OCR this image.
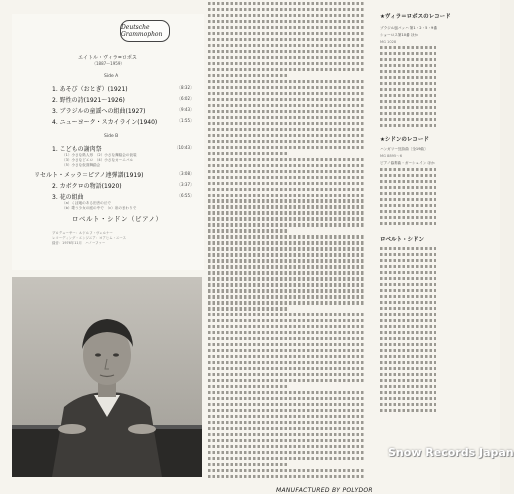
Deutsche Grammophon
エイトル・ヴィラ=ロボス
（1887〜1959）
Side A
1. あそび（おとぎ）(1921)	〔8:32〕
2. 野性の詩(1921〜1926)	〔6:02〕
3. ブラジルの童謡への組曲(1927)	〔9:43〕
4. ニューヨーク・スカイライン(1940)	〔1:55〕
Side B
1. こどもの謝肉祭	〔10:43〕
（1）小さな紙人形　（2）小さな舞踏会の仮装
（3）小さなピエロ　（4）小さなカーニバル
（5）小さな仮面舞踏会
リセルト・メッラ＝ピアノ連弾譜(1919)	〔3:08〕
2. カボクロの物語(1920)	〔3:37〕
3. 花の組曲	〔6:55〕
（a）くぼ地のある田舎の丘で
（b）歌う少女の庭の中で　（c）泉のまわりで
ロベルト・シドン（ピアノ）
プロデューサー：ルドルフ・ヴェルナー
レコーディング・エンジニア：ヨアヒム・ニース
録音：1976年11月　ハノーファー
★ヴィラ＝ロボスのレコード
ブラジル風バッハ 第1・2・5・9番
ショーロス第10番 ほか
MG 1028
★シドンのレコード
ハンガリー狂詩曲〔全19曲〕
MG 8895〜6
ピアノ協奏曲・ガーシュイン ほか
ロベルト・シドン
MANUFACTURED BY POLYDOR
Snow Records Japan
